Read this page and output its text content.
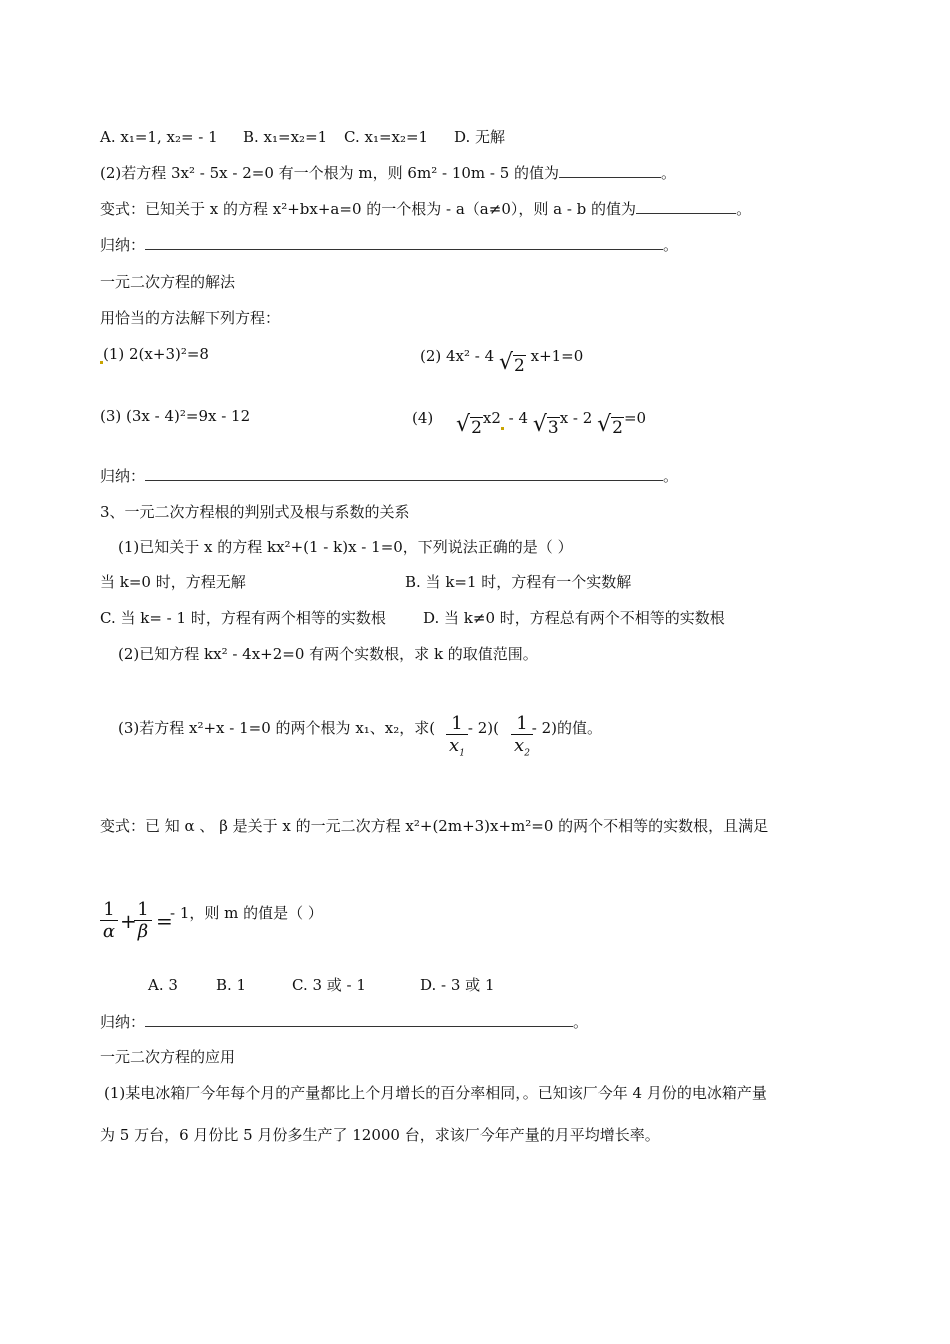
A. x₁=1, x₂= - 1 B. x₁=x₂=1 C. x₁=x₂=1 D. 无解
(2)若方程 3x² - 5x - 2=0 有一个根为 m，则 6m² - 10m - 5 的值为	。
变式：已知关于 x 的方程 x²+bx+a=0 的一个根为 - a（a≠0），则 a - b 的值为	。
归纳：	。
一元二次方程的解法
用恰当的方法解下列方程：
(1) 2(x+3)²=8	(2) 4x² - 4 √ 2 x+1=0
(3) (3x - 4)²=9x - 12	(4) √ 2 x2 - 4 √ 3 x - 2 √ 2 =0
归纳：	。
3、一元二次方程根的判别式及根与系数的关系
(1)已知关于 x 的方程 kx²+(1 - k)x - 1=0，下列说法正确的是（ ）
当 k=0 时，方程无解	B. 当 k=1 时，方程有一个实数解
C. 当 k= - 1 时，方程有两个相等的实数根 D. 当 k≠0 时，方程总有两个不相等的实数根
(2)已知方程 kx² - 4x+2=0 有两个实数根，求 k 的取值范围。
(3)若方程 x²+x - 1=0 的两个根为 x₁、x₂，求( - 2)( - 2)的值。
1
$x_1$
1
$x_2$
变式：已 知 α 、 β 是关于 x 的一元二次方程 x²+(2m+3)x+m²=0 的两个不相等的实数根，且满足
1
α + 1
β =
- 1，则 m 的值是（ ）
A. 3	B. 1	C. 3 或 - 1	D. - 3 或 1
归纳：	。
一元二次方程的应用
(1)某电冰箱厂今年每个月的产量都比上个月增长的百分率相同，。已知该厂今年 4 月份的电冰箱产量
为 5 万台，6 月份比 5 月份多生产了 12000 台，求该厂今年产量的月平均增长率。
